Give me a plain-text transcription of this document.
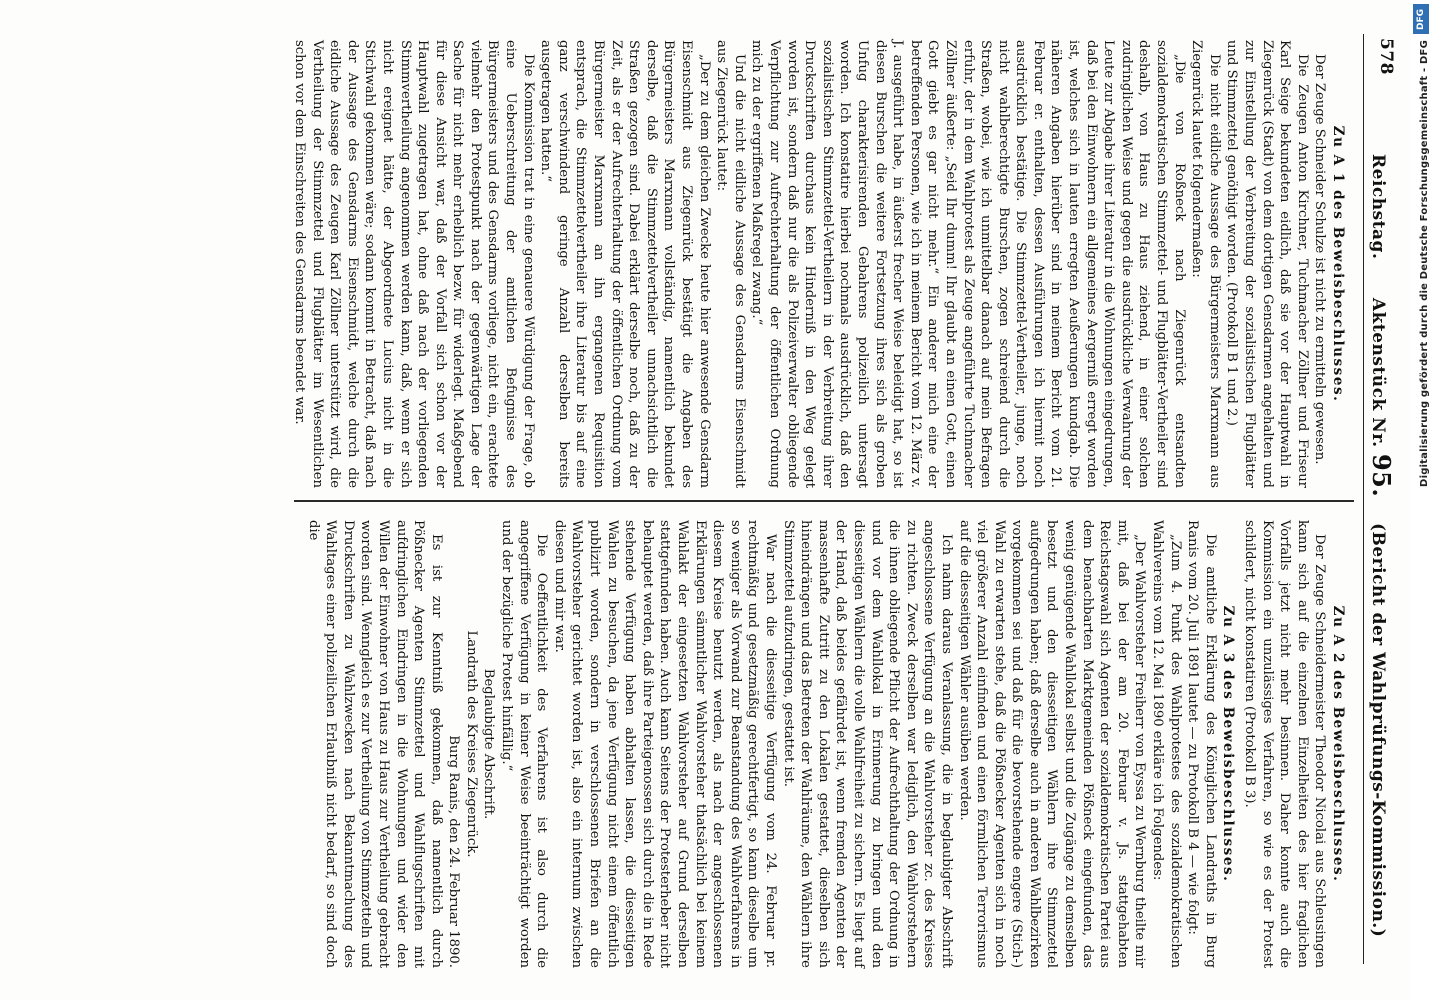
578
Reichstag.      Aktenstück Nr. 95.    (Bericht der Wahlprüfungs-Kommission.)

Zu A 1 des Beweisbeschlusses.

Der Zeuge Schneider Schulze ist nicht zu ermitteln gewesen.

Die Zeugen Anton Kirchner, Tuchmacher Zöllner und Friseur Karl Seige bekundeten eidlich, daß sie vor der Hauptwahl in Ziegenrück (Stadt) von dem dortigen Gensdarmen angehalten und zur Einstellung der Verbreitung der sozialistischen Flugblätter und Stimmzettel genöthigt worden. (Protokoll B 1 und 2.)

Die nicht eidliche Aussage des Bürgermeisters Marxmann aus Ziegenrück lautet folgendermaßen:

„Die von Roßneck nach Ziegenrück entsandten sozialdemokratischen Stimmzettel- und Flugblätter-Vertheiler sind deshalb, von Haus zu Haus ziehend, in einer solchen zudringlichen Weise und gegen die ausdrückliche Verwahrung der Leute zur Abgabe ihrer Literatur in die Wohnungen eingedrungen, daß bei den Einwohnern ein allgemeines Aergerniß erregt worden ist, welches sich in lauten erregten Aeußerungen kundgab. Die näheren Angaben hierüber sind in meinem Bericht vom 21. Februar er. enthalten, dessen Ausführungen ich hiermit noch ausdrücklich bestätige. Die Stimmzettel-Vertheiler, junge, noch nicht wahlberechtigte Burschen, zogen schreiend durch die Straßen, wobei, wie ich unmittelbar danach auf mein Befragen erfuhr, der in dem Wahlprotest als Zeuge angeführte Tuchmacher Zöllner äußerte: „Seid Ihr dumm! Ihr glaubt an einen Gott, einen Gott giebt es gar nicht mehr.“ Ein anderer mich eine der betreffenden Personen, wie ich in meinem Bericht vom 12. März v. J. ausgeführt habe, in äußerst frecher Weise beleidigt hat, so ist diesen Burschen die weitere Fortsetzung ihres sich als groben Unfug charakterisirenden Gebahrens polizeilich untersagt worden. Ich konstatire hierbei nochmals ausdrücklich, daß den sozialistischen Stimmzettel-Vertheilern in der Verbreitung ihrer Druckschriften durchaus kein Hinderniß in den Weg gelegt worden ist, sondern daß nur die als Polizeiverwalter obliegende Verpflichtung zur Aufrechterhaltung der öffentlichen Ordnung mich zu der ergriffenen Maßregel zwang.“

Und die nicht eidliche Aussage des Gensdarms Eisenschmidt aus Ziegenrück lautet:

„Der zu dem gleichen Zwecke heute hier anwesende Gensdarm Eisenschmidt aus Ziegenrück bestätigt die Angaben des Bürgermeisters Marxmann vollständig, namentlich bekundet derselbe, daß die Stimmzettelvertheiler unnachsichtlich die Straßen gezogen sind. Dabei erklärt derselbe noch, daß zu der Zeit, als er der Aufrechterhaltung der öffentlichen Ordnung vom Bürgermeister Marxmann an ihn ergangenen Requisition entsprach, die Stimmzettelvertheiler ihre Literatur bis auf eine ganz verschwindend geringe Anzahl derselben bereits ausgetragen hatten.“

Die Kommission trat in eine genauere Würdigung der Frage, ob eine Ueberschreitung der amtlichen Befugnisse des Bürgermeisters und des Gensdarms vorliege, nicht ein, erachtete vielmehr den Protestpunkt nach der gegenwärtigen Lage der Sache für nicht mehr erheblich bezw. für widerlegt. Maßgebend für diese Ansicht war, daß der Vorfall sich schon vor der Hauptwahl zugetragen hat, ohne daß nach der vorliegenden Stimmvertheilung angenommen werden kann, daß, wenn er sich nicht ereignet hätte, der Abgeordnete Lucius nicht in die Stichwahl gekommen wäre; sodann kommt in Betracht, daß nach der Aussage des Gensdarms Eisenschmidt, welche durch die eidliche Aussage des Zeugen Karl Zöllner unterstützt wird, die Vertheilung der Stimmzettel und Flugblätter im Wesentlichen schon vor dem Einschreiten des Gensdarms beendet war.

Zu A 2 des Beweisbeschlusses.

Der Zeuge Schneidermeister Theodor Nicolai aus Schleusingen kann sich auf die einzelnen Einzelheiten des hier fraglichen Vorfalls jetzt nicht mehr besinnen. Daher konnte auch die Kommission ein unzulässiges Verfahren, so wie es der Protest schildert, nicht konstatiren (Protokoll B 3).

Zu A 3 des Beweisbeschlusses.

Die amtliche Erklärung des Königlichen Landraths in Burg Ranis vom 20. Juli 1891 lautet — zu Protokoll B 4 — wie folgt:

„Zum 4. Punkt des Wahlprotestes des sozialdemokratischen Wahlvereins vom 12. Mai 1890 erkläre ich Folgendes:

„Der Wahlvorsteher Freiherr von Eyssa zu Wernburg theilte mir mit, daß bei der am 20. Februar v. Js. stattgehabten Reichstagswahl sich Agenten der sozialdemokratischen Partei aus dem benachbarten Marktgemeinden Pößneck eingefunden, das wenig genügende Wahllokal selbst und die Zugänge zu demselben besetzt und den diesseitigen Wählern ihre Stimmzettel aufgedrungen haben; daß derselbe auch in anderen Wahlbezirken vorgekommen sei und daß für die bevorstehende engere (Stich-) Wahl zu erwarten stehe, daß die Pößnecker Agenten sich in noch viel größerer Anzahl einfinden und einen förmlichen Terrorismus auf die diesseitigen Wähler ausüben werden.

Ich nahm daraus Veranlassung, die in beglaubigter Abschrift angeschlossene Verfügung an die Wahlvorsteher zc. des Kreises zu richten. Zweck derselben war lediglich, den Wahlvorstehern die ihnen obliegende Pflicht der Aufrechthaltung der Ordnung in und vor dem Wahllokal in Erinnerung zu bringen und den diesseitigen Wählern die volle Wahlfreiheit zu sichern. Es liegt auf der Hand, daß beides gefährdet ist, wenn fremden Agenten der massenhafte Zutritt zu den Lokalen gestattet, dieselben sich hineindrängen und das Betreten der Wahlräume, den Wählern ihre Stimmzettel aufzudringen, gestattet ist.

War nach die diesseitige Verfügung vom 24. Februar pr. rechtmäßig und gesetzmäßig gerechtfertigt, so kann dieselbe um so weniger als Vorwand zur Beanstandung des Wahlverfahrens in diesem Kreise benutzt werden, als nach der angeschlossenen Erklärungen sämmtlicher Wahlvorsteher thatsächlich bei keinem Wahlakt der eingesetzten Wahlvorsteher auf Grund derselben stattgefunden haben. Auch kann Seitens der Protesterheber nicht behauptet werden, daß ihre Parteigenossen sich durch die in Rede stehende Verfügung haben abhalten lassen, die diesseitigen Wahlen zu besuchen, da jene Verfügung nicht einem öffentlich publizirt worden, sondern in verschlossenen Briefen an die Wahlvorsteher gerichtet worden ist, also ein internum zwischen diesen und mir war.

Die Oeffentlichkeit des Verfahrens ist also durch die angegriffene Verfügung in keiner Weise beeinträchtigt worden und der bezügliche Protest hinfällig.“

Beglaubigte Abschrift.

Landrath des Kreises Ziegenrück.

Burg Ranis, den 24. Februar 1890.

Es ist zur Kenntniß gekommen, daß namentlich durch Pößnecker Agenten Stimmzettel und Wahlflugschriften mit aufdringlichen Eindringen in die Wohnungen und wider den Willen der Einwohner von Haus zu Haus zur Vertheilung gebracht worden sind. Wenngleich es zur Vertheilung von Stimmzetteln und Druckschriften zu Wahlzwecken nach Bekanntmachung des Wahltages einer polizeilichen Erlaubniß nicht bedarf, so sind doch die

DFG
Digitalisierung gefördert durch die Deutsche Forschungsgemeinschaft - DFG
